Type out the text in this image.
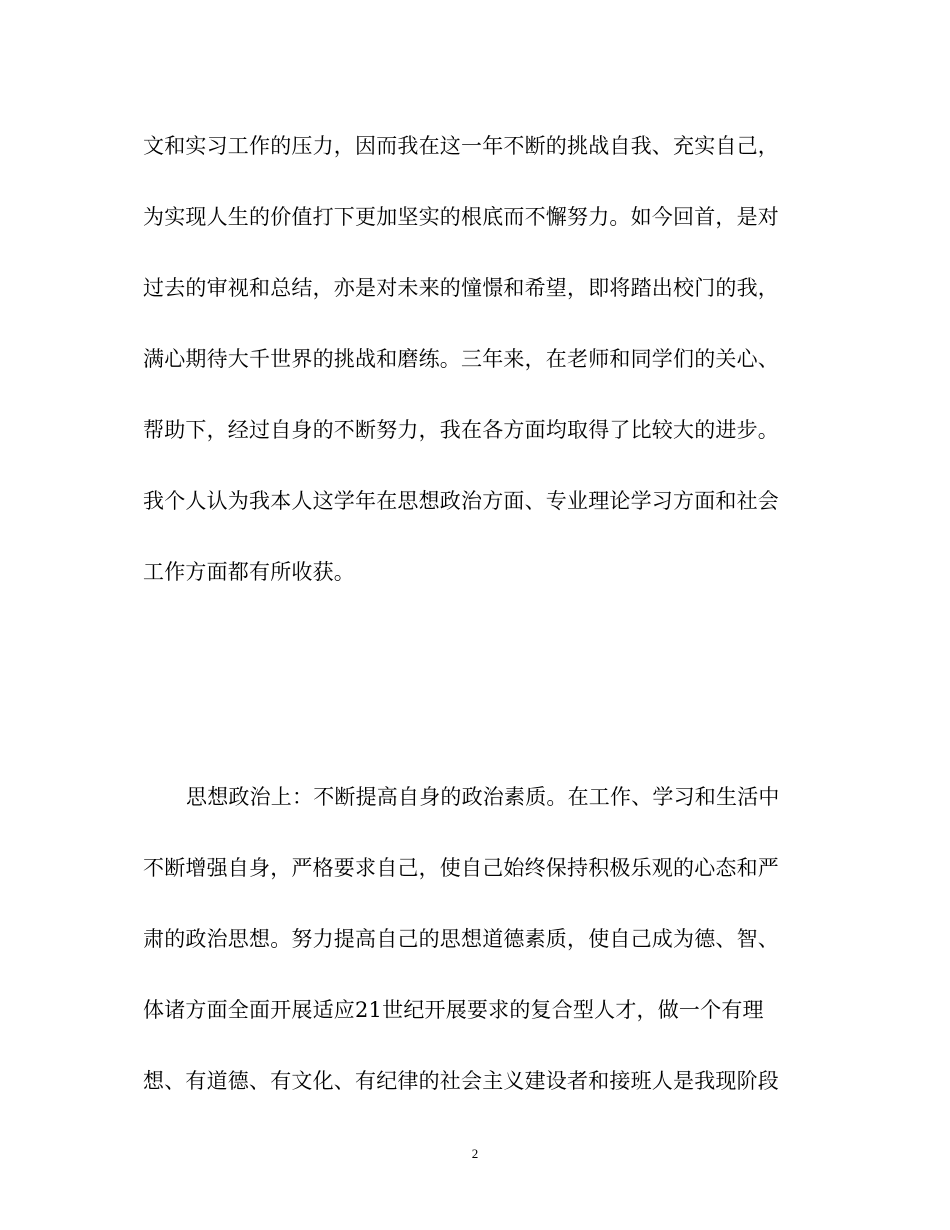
文和实习工作的压力，因而我在这一年不断的挑战自我、充实自己，
为实现人生的价值打下更加坚实的根底而不懈努力。如今回首，是对
过去的审视和总结，亦是对未来的憧憬和希望，即将踏出校门的我，
满心期待大千世界的挑战和磨练。三年来，在老师和同学们的关心、
帮助下，经过自身的不断努力，我在各方面均取得了比较大的进步。
我个人认为我本人这学年在思想政治方面、专业理论学习方面和社会
工作方面都有所收获。
思想政治上：不断提高自身的政治素质。在工作、学习和生活中
不断增强自身，严格要求自己，使自己始终保持积极乐观的心态和严
肃的政治思想。努力提高自己的思想道德素质，使自己成为德、智、
体诸方面全面开展适应21世纪开展要求的复合型人才，做一个有理
想、有道德、有文化、有纪律的社会主义建设者和接班人是我现阶段
2
